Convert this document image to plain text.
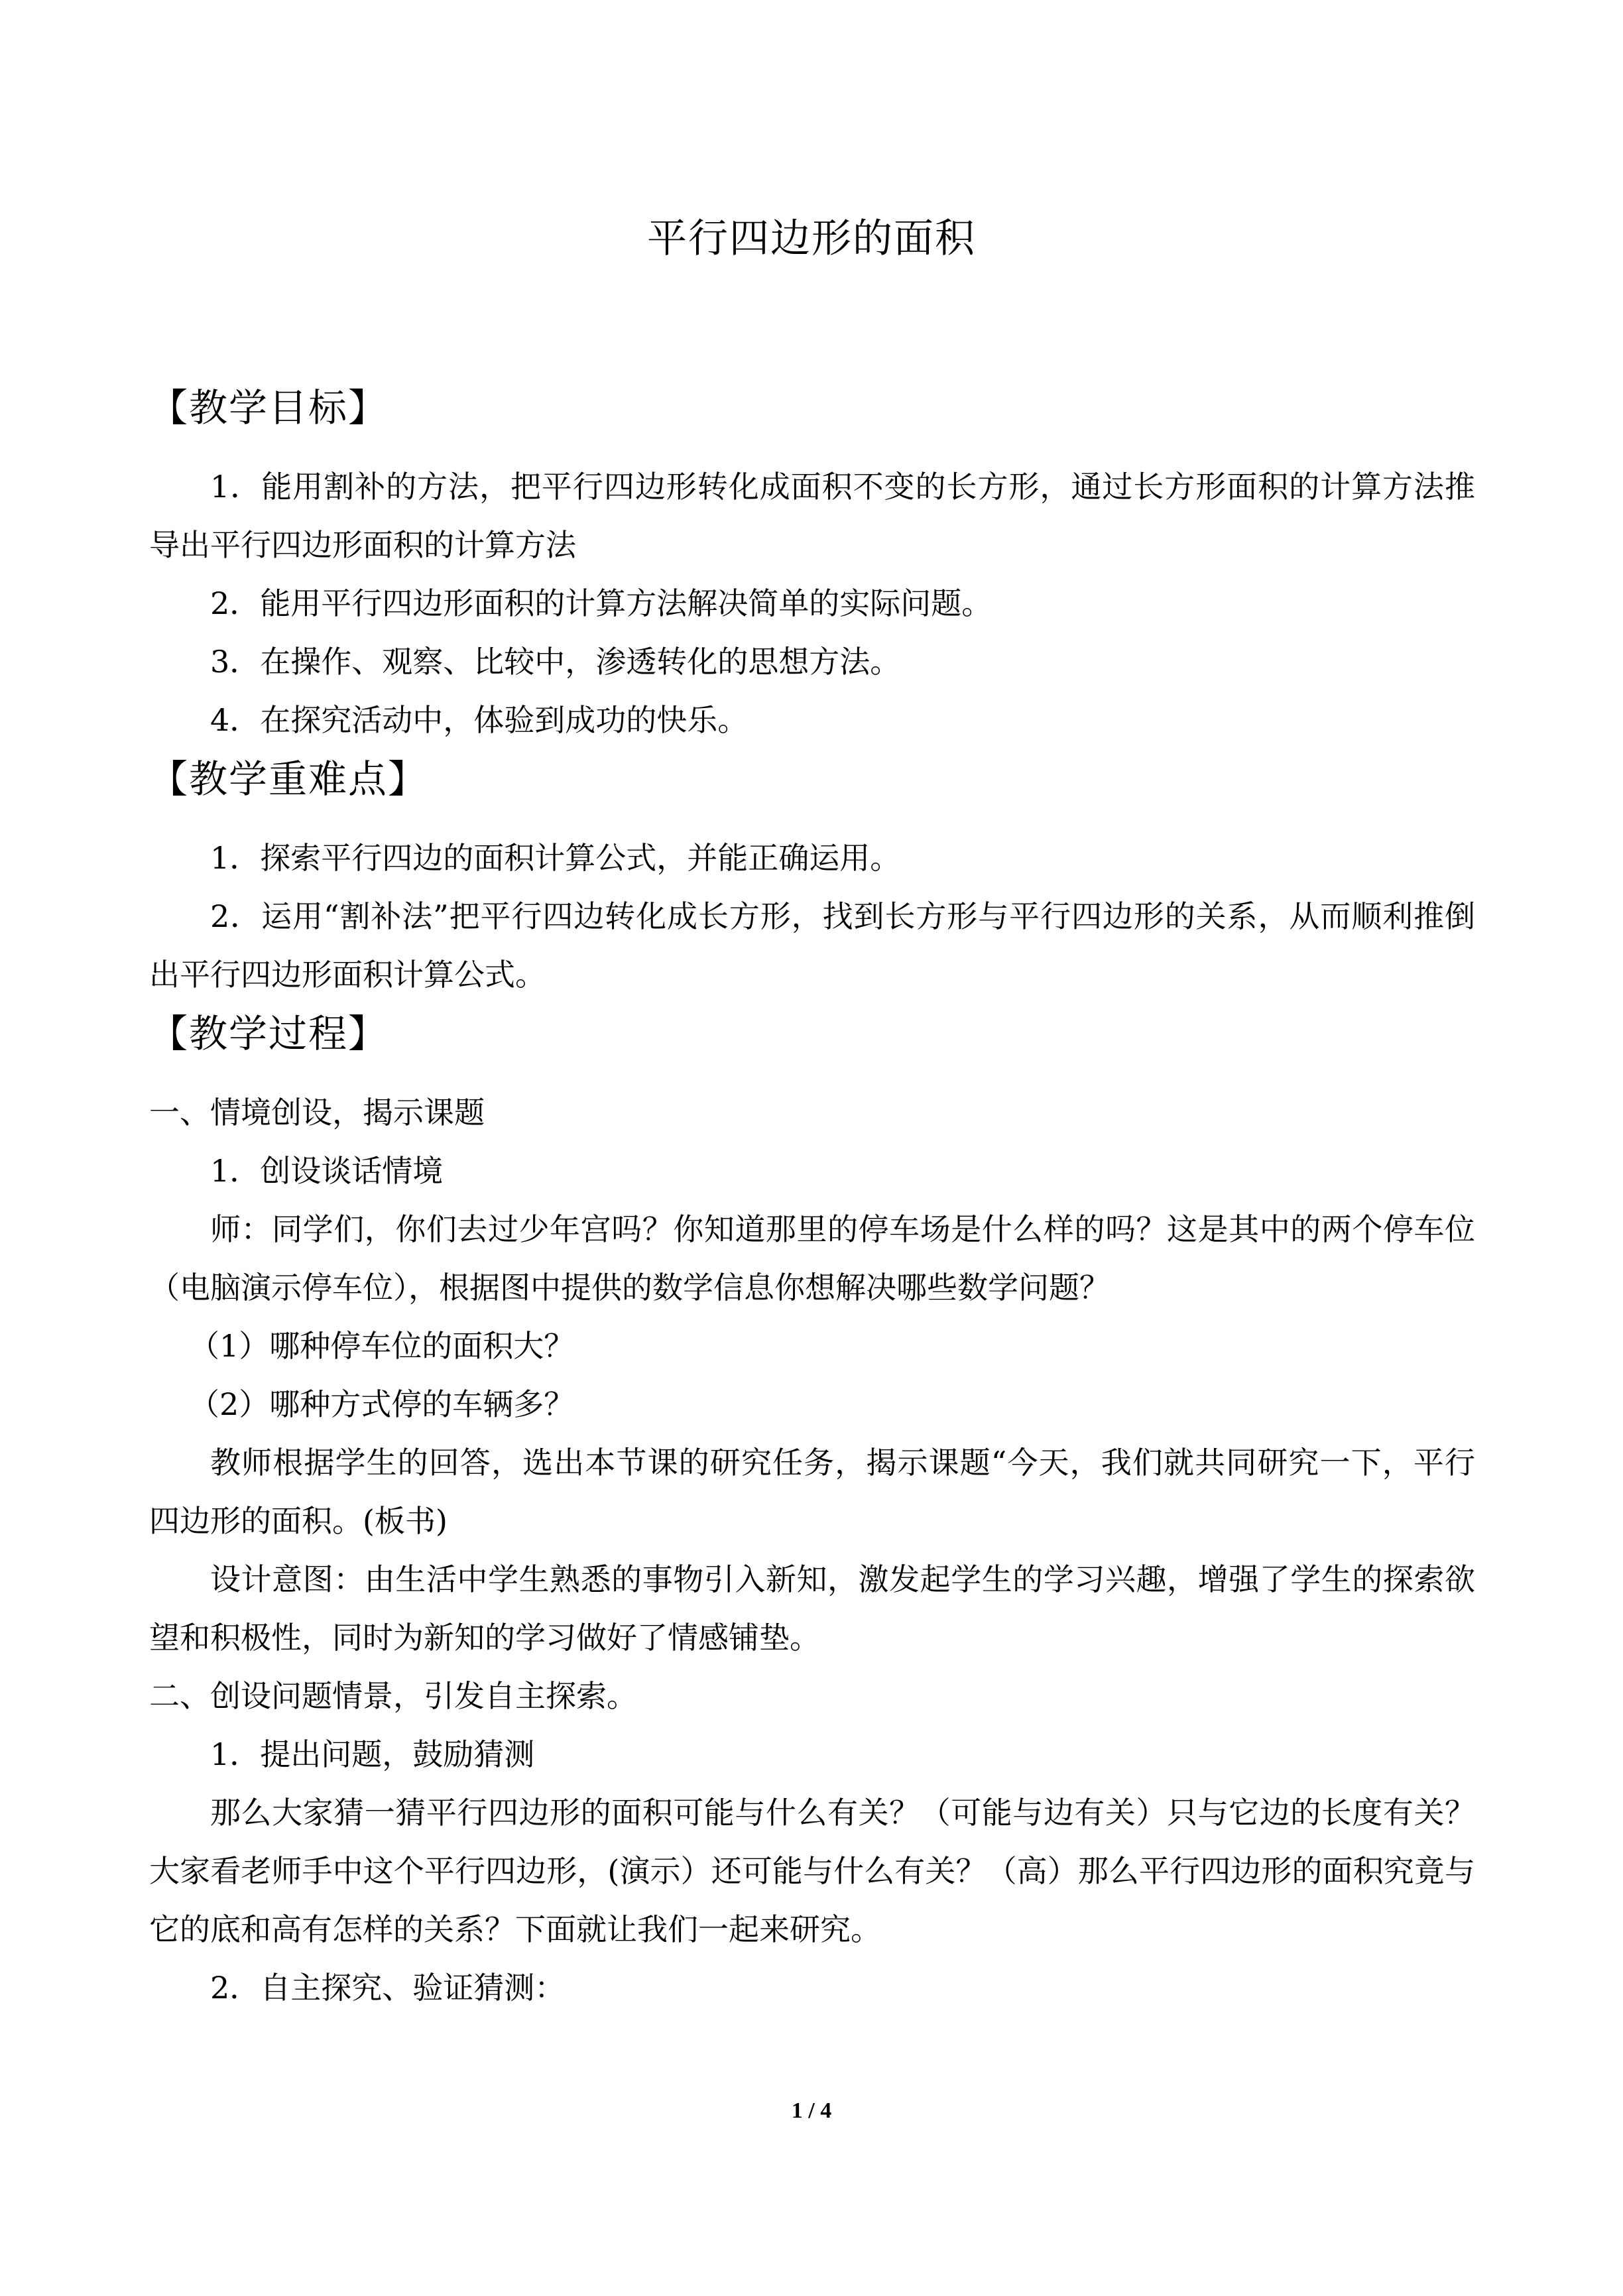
平行四边形的面积
【教学目标】

1．能用割补的方法，把平行四边形转化成面积不变的长方形，通过长方形面积的计算方法推导出平行四边形面积的计算方法

2．能用平行四边形面积的计算方法解决简单的实际问题。

3．在操作、观察、比较中，渗透转化的思想方法。

4．在探究活动中，体验到成功的快乐。

【教学重难点】

1．探索平行四边的面积计算公式，并能正确运用。

2．运用“割补法”把平行四边转化成长方形，找到长方形与平行四边形的关系，从而顺利推倒出平行四边形面积计算公式。

【教学过程】

一、情境创设，揭示课题

1．创设谈话情境

师：同学们，你们去过少年宫吗？你知道那里的停车场是什么样的吗？这是其中的两个停车位（电脑演示停车位），根据图中提供的数学信息你想解决哪些数学问题？

（1）哪种停车位的面积大？

（2）哪种方式停的车辆多？

教师根据学生的回答，选出本节课的研究任务，揭示课题“今天，我们就共同研究一下，平行四边形的面积。(板书)

设计意图：由生活中学生熟悉的事物引入新知，激发起学生的学习兴趣，增强了学生的探索欲望和积极性，同时为新知的学习做好了情感铺垫。

二、创设问题情景，引发自主探索。

1．提出问题，鼓励猜测

那么大家猜一猜平行四边形的面积可能与什么有关？（可能与边有关）只与它边的长度有关？大家看老师手中这个平行四边形，(演示）还可能与什么有关？（高）那么平行四边形的面积究竟与它的底和高有怎样的关系？下面就让我们一起来研究。

2．自主探究、验证猜测：

1 / 4
